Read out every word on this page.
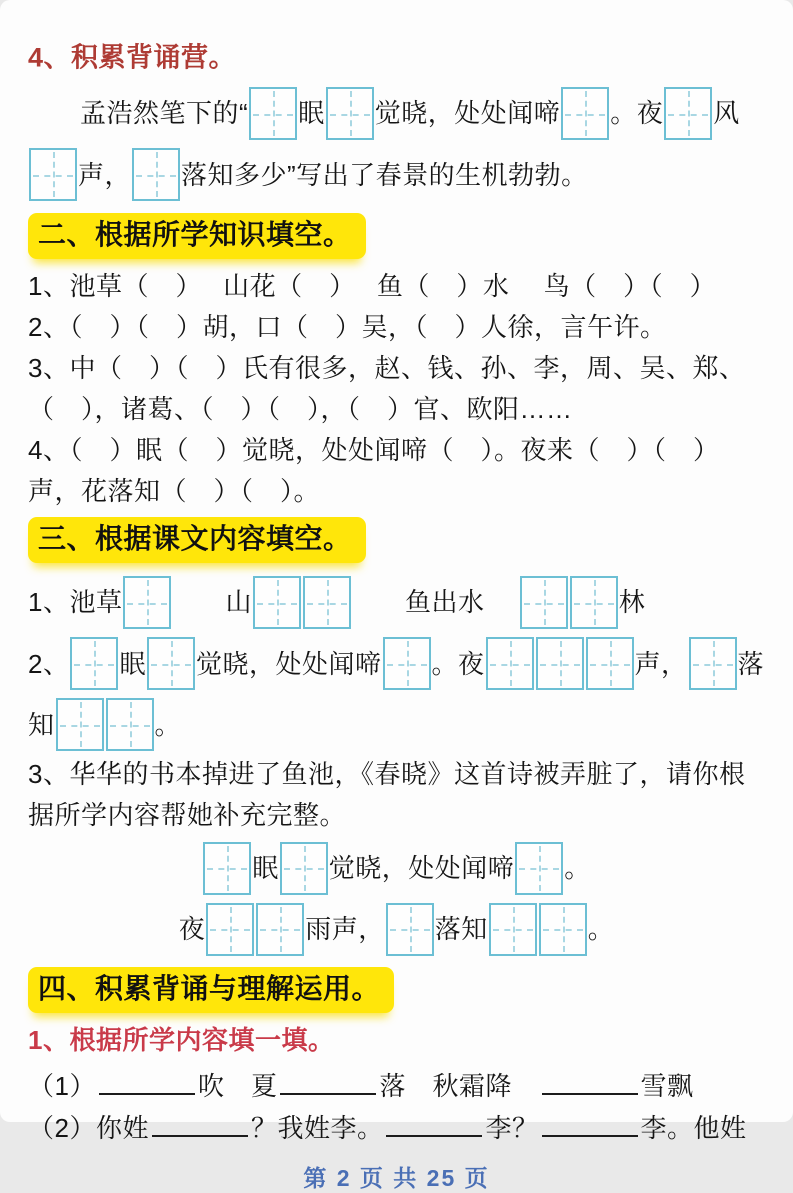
4、积累背诵营。
孟浩然笔下的“ 眠 觉晓，处处闻啼 。夜 风
声， 落知多少”写出了春景的生机勃勃。
二、根据所学知识填空。
1、池草（　）　 山花（　）　 鱼（　）水　 鸟（　）（　）
2、（　）（　）胡，口（　）吴，（　）人徐，言午许。
3、中（　）（　）氏有很多，赵、钱、孙、李，周、吴、郑、
（　），诸葛、（　）（　），（　）官、欧阳……
4、（　）眠（　）觉晓，处处闻啼（　）。夜来（　）（　）
声，花落知（　）（　）。
三、根据课文内容填空。
1、池草
　　山	　　鱼出水　	林
2、 眠 觉晓，处处闻啼 。夜	声， 落
知	。
3、华华的书本掉进了鱼池，《春晓》这首诗被弄脏了，请你根
据所学内容帮她补充完整。
眠 觉晓，处处闻啼 。
夜	雨声， 落知	。
四、积累背诵与理解运用。
1、根据所学内容填一填。
（1）	吹　夏	落　秋霜降　	雪飘
（2）你姓	？我姓李。	李？	李。他姓
第 2 页 共 25 页
